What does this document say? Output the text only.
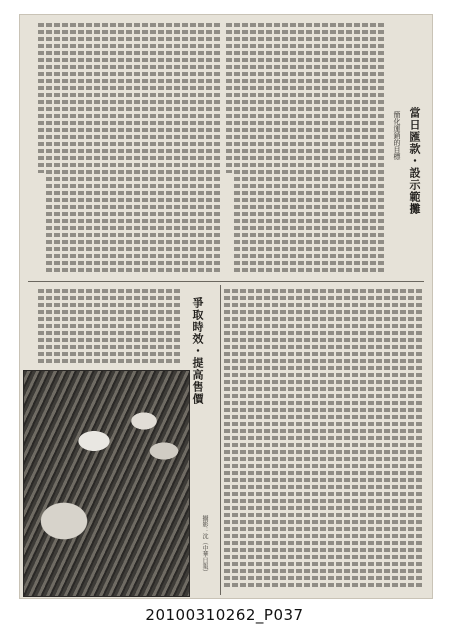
當日匯款・設示範攤
簡化運銷的目標
爭取時效・提高售價
攝影：沈（中華日報）
20100310262_P037
